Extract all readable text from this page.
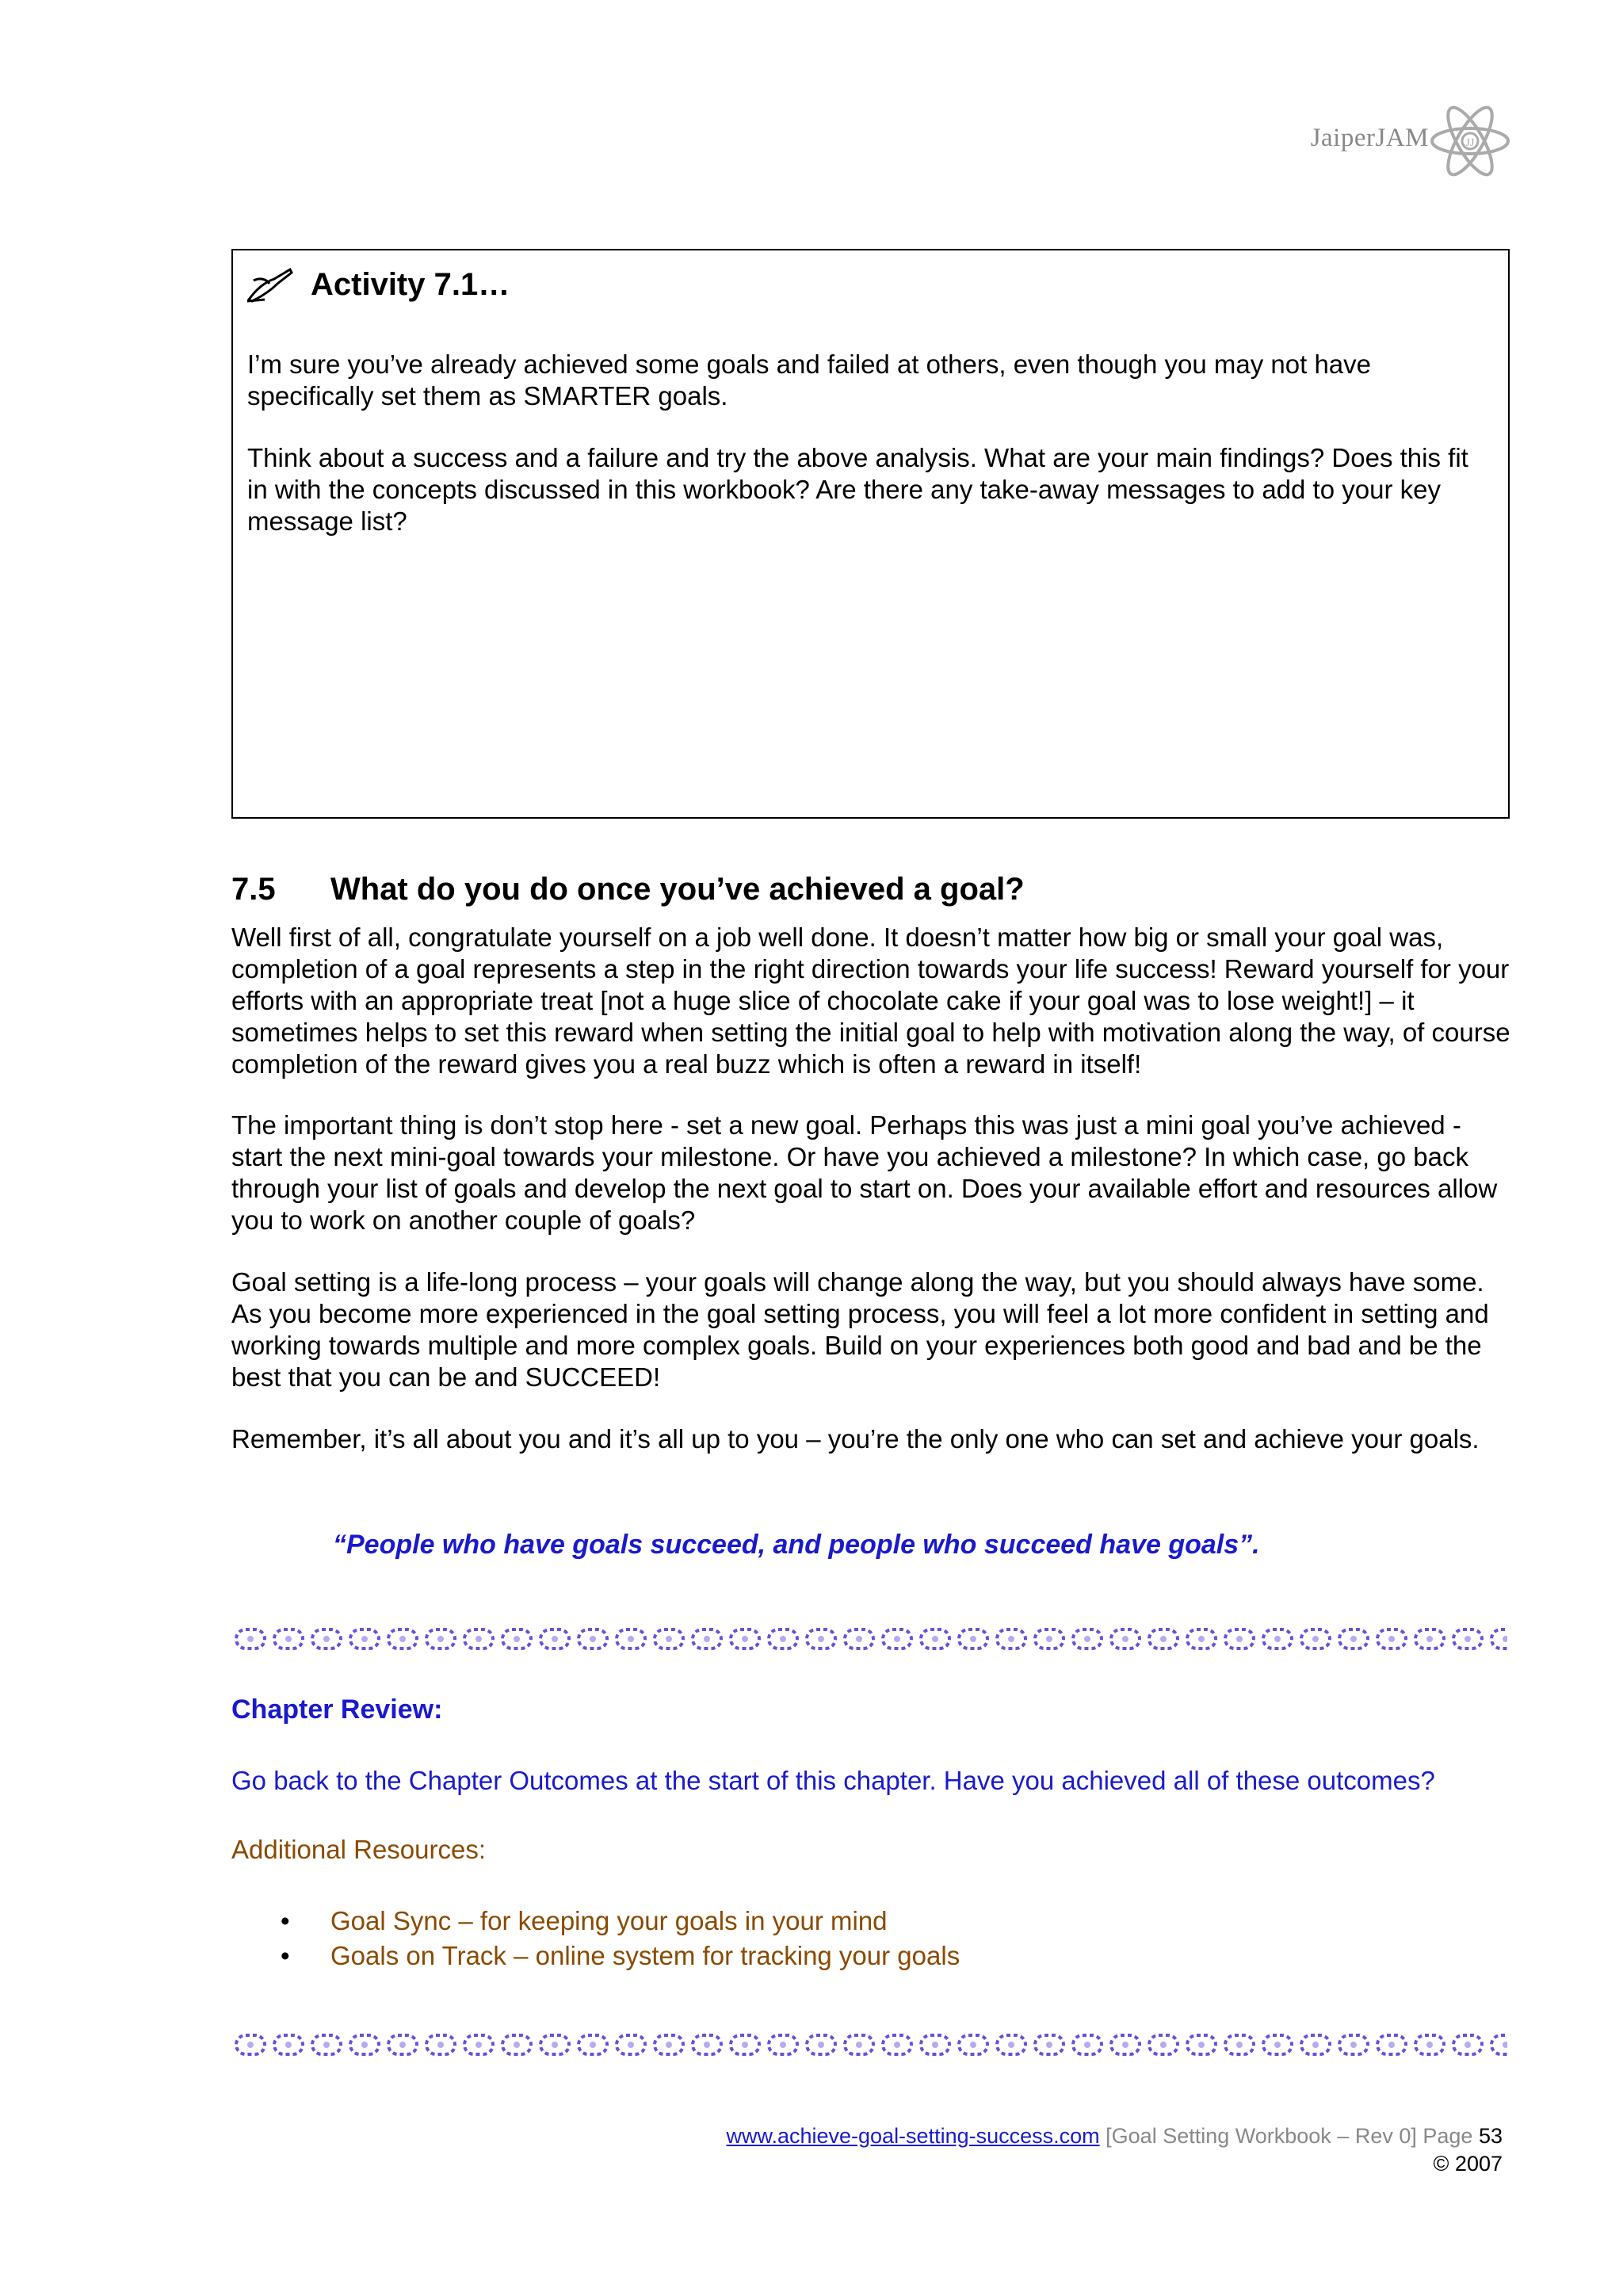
JaiperJAM	JJ
Activity 7.1…
I’m sure you’ve already achieved some goals and failed at others, even though you may not have specifically set them as SMARTER goals.
Think about a success and a failure and try the above analysis. What are your main findings? Does this fit in with the concepts discussed in this workbook? Are there any take-away messages to add to your key message list?
7.5 What do you do once you’ve achieved a goal?
Well first of all, congratulate yourself on a job well done. It doesn’t matter how big or small your goal was, completion of a goal represents a step in the right direction towards your life success! Reward yourself for your efforts with an appropriate treat [not a huge slice of chocolate cake if your goal was to lose weight!] – it sometimes helps to set this reward when setting the initial goal to help with motivation along the way, of course completion of the reward gives you a real buzz which is often a reward in itself!
The important thing is don’t stop here - set a new goal. Perhaps this was just a mini goal you’ve achieved - start the next mini-goal towards your milestone. Or have you achieved a milestone? In which case, go back through your list of goals and develop the next goal to start on. Does your available effort and resources allow you to work on another couple of goals?
Goal setting is a life-long process – your goals will change along the way, but you should always have some. As you become more experienced in the goal setting process, you will feel a lot more confident in setting and working towards multiple and more complex goals. Build on your experiences both good and bad and be the best that you can be and SUCCEED!
Remember, it’s all about you and it’s all up to you – you’re the only one who can set and achieve your goals.
“People who have goals succeed, and people who succeed have goals”.
Chapter Review:
Go back to the Chapter Outcomes at the start of this chapter. Have you achieved all of these outcomes?
Additional Resources:
• Goal Sync – for keeping your goals in your mind
• Goals on Track – online system for tracking your goals
www.achieve-goal-setting-success.com [Goal Setting Workbook – Rev 0] Page 53
© 2007
